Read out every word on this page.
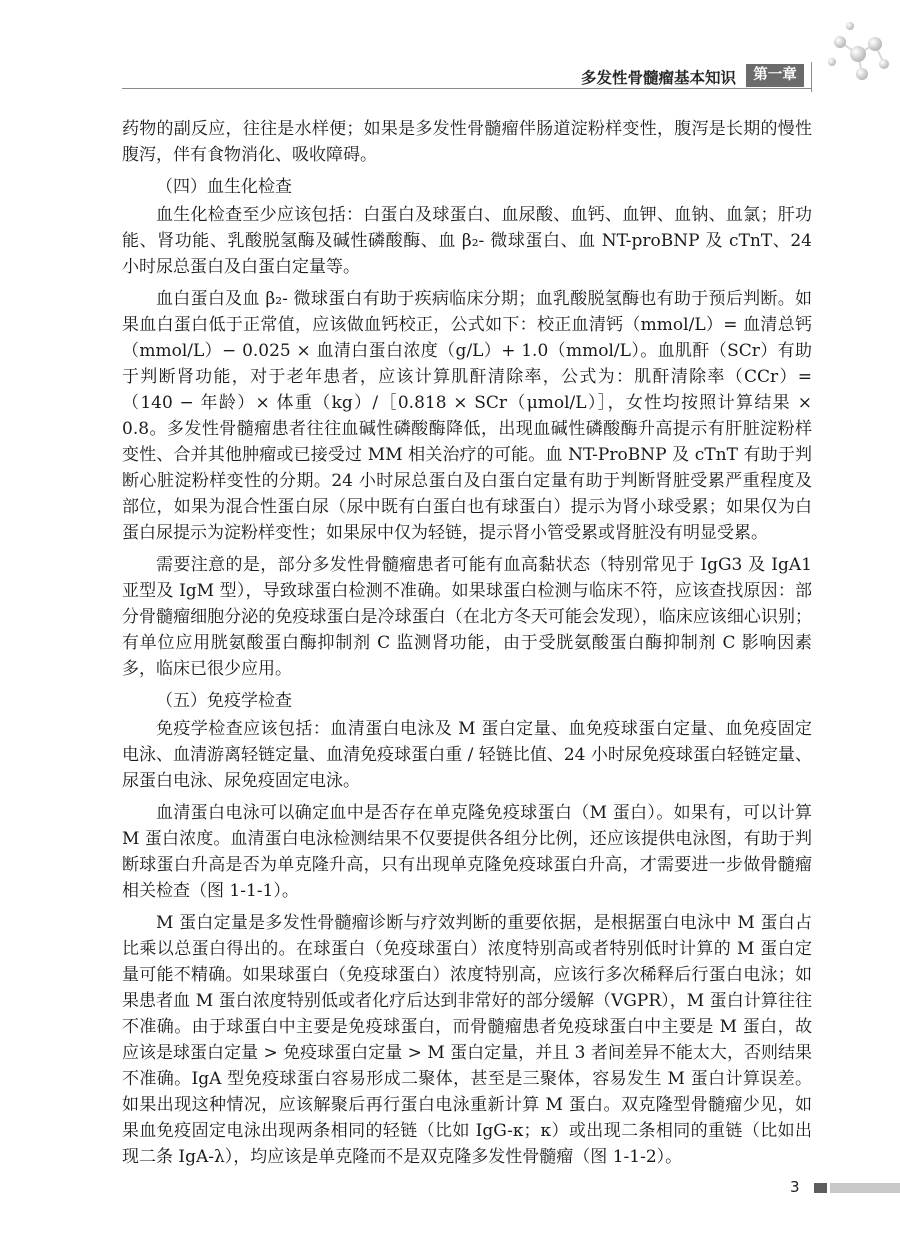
多发性骨髓瘤基本知识	第一章

药物的副反应，往往是水样便；如果是多发性骨髓瘤伴肠道淀粉样变性，腹泻是长期的慢性腹泻，伴有食物消化、吸收障碍。

（四）血生化检查

血生化检查至少应该包括：白蛋白及球蛋白、血尿酸、血钙、血钾、血钠、血氯；肝功能、肾功能、乳酸脱氢酶及碱性磷酸酶、血 β₂- 微球蛋白、血 NT-proBNP 及 cTnT、24 小时尿总蛋白及白蛋白定量等。

血白蛋白及血 β₂- 微球蛋白有助于疾病临床分期；血乳酸脱氢酶也有助于预后判断。如果血白蛋白低于正常值，应该做血钙校正，公式如下：校正血清钙（mmol/L）= 血清总钙（mmol/L）− 0.025 × 血清白蛋白浓度（g/L）+ 1.0（mmol/L）。血肌酐（SCr）有助于判断肾功能，对于老年患者，应该计算肌酐清除率，公式为：肌酐清除率（CCr）=（140 − 年龄）× 体重（kg）/［0.818 × SCr（μmol/L）］，女性均按照计算结果 × 0.8。多发性骨髓瘤患者往往血碱性磷酸酶降低，出现血碱性磷酸酶升高提示有肝脏淀粉样变性、合并其他肿瘤或已接受过 MM 相关治疗的可能。血 NT-ProBNP 及 cTnT 有助于判断心脏淀粉样变性的分期。24 小时尿总蛋白及白蛋白定量有助于判断肾脏受累严重程度及部位，如果为混合性蛋白尿（尿中既有白蛋白也有球蛋白）提示为肾小球受累；如果仅为白蛋白尿提示为淀粉样变性；如果尿中仅为轻链，提示肾小管受累或肾脏没有明显受累。

需要注意的是，部分多发性骨髓瘤患者可能有血高黏状态（特别常见于 IgG3 及 IgA1 亚型及 IgM 型），导致球蛋白检测不准确。如果球蛋白检测与临床不符，应该查找原因：部分骨髓瘤细胞分泌的免疫球蛋白是冷球蛋白（在北方冬天可能会发现），临床应该细心识别；有单位应用胱氨酸蛋白酶抑制剂 C 监测肾功能，由于受胱氨酸蛋白酶抑制剂 C 影响因素多，临床已很少应用。

（五）免疫学检查

免疫学检查应该包括：血清蛋白电泳及 M 蛋白定量、血免疫球蛋白定量、血免疫固定电泳、血清游离轻链定量、血清免疫球蛋白重 / 轻链比值、24 小时尿免疫球蛋白轻链定量、尿蛋白电泳、尿免疫固定电泳。

血清蛋白电泳可以确定血中是否存在单克隆免疫球蛋白（M 蛋白）。如果有，可以计算 M 蛋白浓度。血清蛋白电泳检测结果不仅要提供各组分比例，还应该提供电泳图，有助于判断球蛋白升高是否为单克隆升高，只有出现单克隆免疫球蛋白升高，才需要进一步做骨髓瘤相关检查（图 1-1-1）。

M 蛋白定量是多发性骨髓瘤诊断与疗效判断的重要依据，是根据蛋白电泳中 M 蛋白占比乘以总蛋白得出的。在球蛋白（免疫球蛋白）浓度特别高或者特别低时计算的 M 蛋白定量可能不精确。如果球蛋白（免疫球蛋白）浓度特别高，应该行多次稀释后行蛋白电泳；如果患者血 M 蛋白浓度特别低或者化疗后达到非常好的部分缓解（VGPR），M 蛋白计算往往不准确。由于球蛋白中主要是免疫球蛋白，而骨髓瘤患者免疫球蛋白中主要是 M 蛋白，故应该是球蛋白定量 > 免疫球蛋白定量 > M 蛋白定量，并且 3 者间差异不能太大，否则结果不准确。IgA 型免疫球蛋白容易形成二聚体，甚至是三聚体，容易发生 M 蛋白计算误差。如果出现这种情况，应该解聚后再行蛋白电泳重新计算 M 蛋白。双克隆型骨髓瘤少见，如果血免疫固定电泳出现两条相同的轻链（比如 IgG-κ；κ）或出现二条相同的重链（比如出现二条 IgA-λ），均应该是单克隆而不是双克隆多发性骨髓瘤（图 1-1-2）。

3
